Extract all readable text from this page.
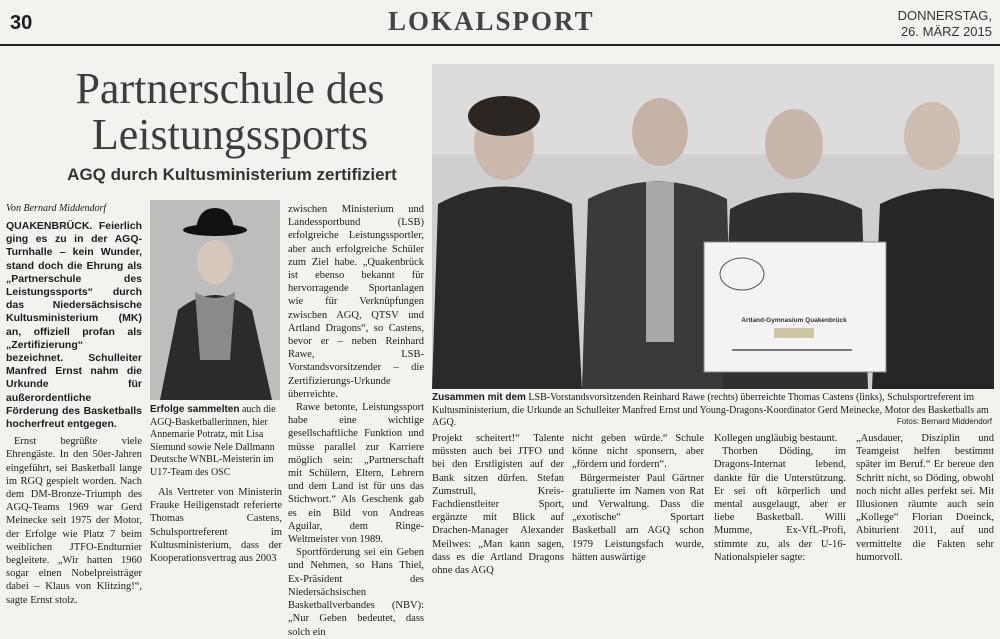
30	LOKALSPORT	DONNERSTAG,
26. MÄRZ 2015
Partnerschule des
Leistungssports
AGQ durch Kultusministerium zertifiziert
Von Bernard Middendorf
QUAKENBRÜCK. Feierlich ging es zu in der AGQ-Turnhalle – kein Wunder, stand doch die Ehrung als „Partnerschule des Leistungssports“ durch das Niedersächsische Kultusministerium (MK) an, offiziell profan als „Zertifizierung“ bezeichnet. Schulleiter Manfred Ernst nahm die Urkunde für außerordentliche Förderung des Basketballs hocherfreut entgegen.

Ernst begrüßte viele Ehrengäste. In den 50er-Jahren eingeführt, sei Basketball lange im RGQ gespielt worden. Nach dem DM-Bronze-Triumph des AGQ-Teams 1969 war Gerd Meinecke seit 1975 der Motor, der Erfolge wie Platz 7 beim weiblichen JTFO-Endturnier begleitete. „Wir hatten 1960 sogar einen Nobelpreisträger dabei – Klaus von Klitzing!“, sagte Ernst stolz.

Erfolge sammelten auch die AGQ-Basketballerinnen, hier Annemarie Potratz, mit Lisa Siemund sowie Nele Dallmann Deutsche WNBL-Meisterin im U17-Team des OSC

Als Vertreter von Ministerin Frauke Heiligenstadt referierte Thomas Castens, Schulsportreferent im Kultusministerium, dass der Kooperationsvertrag aus 2003

zwischen Ministerium und Landessportbund (LSB) erfolgreiche Leistungssportler, aber auch erfolgreiche Schüler zum Ziel habe. „Quakenbrück ist ebenso bekannt für hervorragende Sportanlagen wie für Verknüpfungen zwischen AGQ, QTSV und Artland Dragons“, so Castens, bevor er – neben Reinhard Rawe, LSB-Vorstandsvorsitzender – die Zertifizierungs-Urkunde überreichte.

Rawe betonte, Leistungssport habe eine wichtige gesellschaftliche Funktion und müsse parallel zur Karriere möglich sein: „Partnerschaft mit Schülern, Eltern, Lehrern und dem Land ist für uns das Stichwort.“ Als Geschenk gab es ein Bild von Andreas Aguilar, dem Ringe-Weltmeister von 1989.

Sportförderung sei ein Geben und Nehmen, so Hans Thiel, Ex-Präsident des Niedersächsischen Basketballverbandes (NBV): „Nur Geben bedeutet, dass solch ein

Artland-Gymnasium Quakenbrück
Zusammen mit dem LSB-Vorstandsvorsitzenden Reinhard Rawe (rechts) überreichte Thomas Castens (links), Schulsportreferent im Kultusministerium, die Urkunde an Schulleiter Manfred Ernst und Young-Dragons-Koordinator Gerd Meinecke, Motor des Basketballs am AGQ.	Fotos: Bernard Middendorf

Projekt scheitert!“ Talente müssten auch bei JTFO und bei den Erstligisten auf der Bank sitzen dürfen. Stefan Zumstrull, Kreis-Fachdienstleiter Sport, ergänzte mit Blick auf Drachen-Manager Alexander Meilwes: „Man kann sagen, dass es die Artland Dragons ohne das AGQ

nicht geben würde.“ Schule könne nicht sponsern, aber „fördern und fordern“.

Bürgermeister Paul Gärtner gratulierte im Namen von Rat und Verwaltung. Dass die „exotische“ Sportart Basketball am AGQ schon 1979 Leistungsfach wurde, hätten auswärtige

Kollegen ungläubig bestaunt.

Thorben Döding, im Dragons-Internat lebend, dankte für die Unterstützung. Er sei oft körperlich und mental ausgelaugt, aber er liebe Basketball. Willi Mumme, Ex-VfL-Profi, stimmte zu, als der U-16-Nationalspieler sagte:

„Ausdauer, Disziplin und Teamgeist helfen bestimmt später im Beruf.“ Er bereue den Schritt nicht, so Döding, obwohl noch nicht alles perfekt sei. Mit Illusionen räumte auch sein „Kollege“ Florian Doeinck, Abiturient 2011, auf und vermittelte die Fakten sehr humorvoll.
